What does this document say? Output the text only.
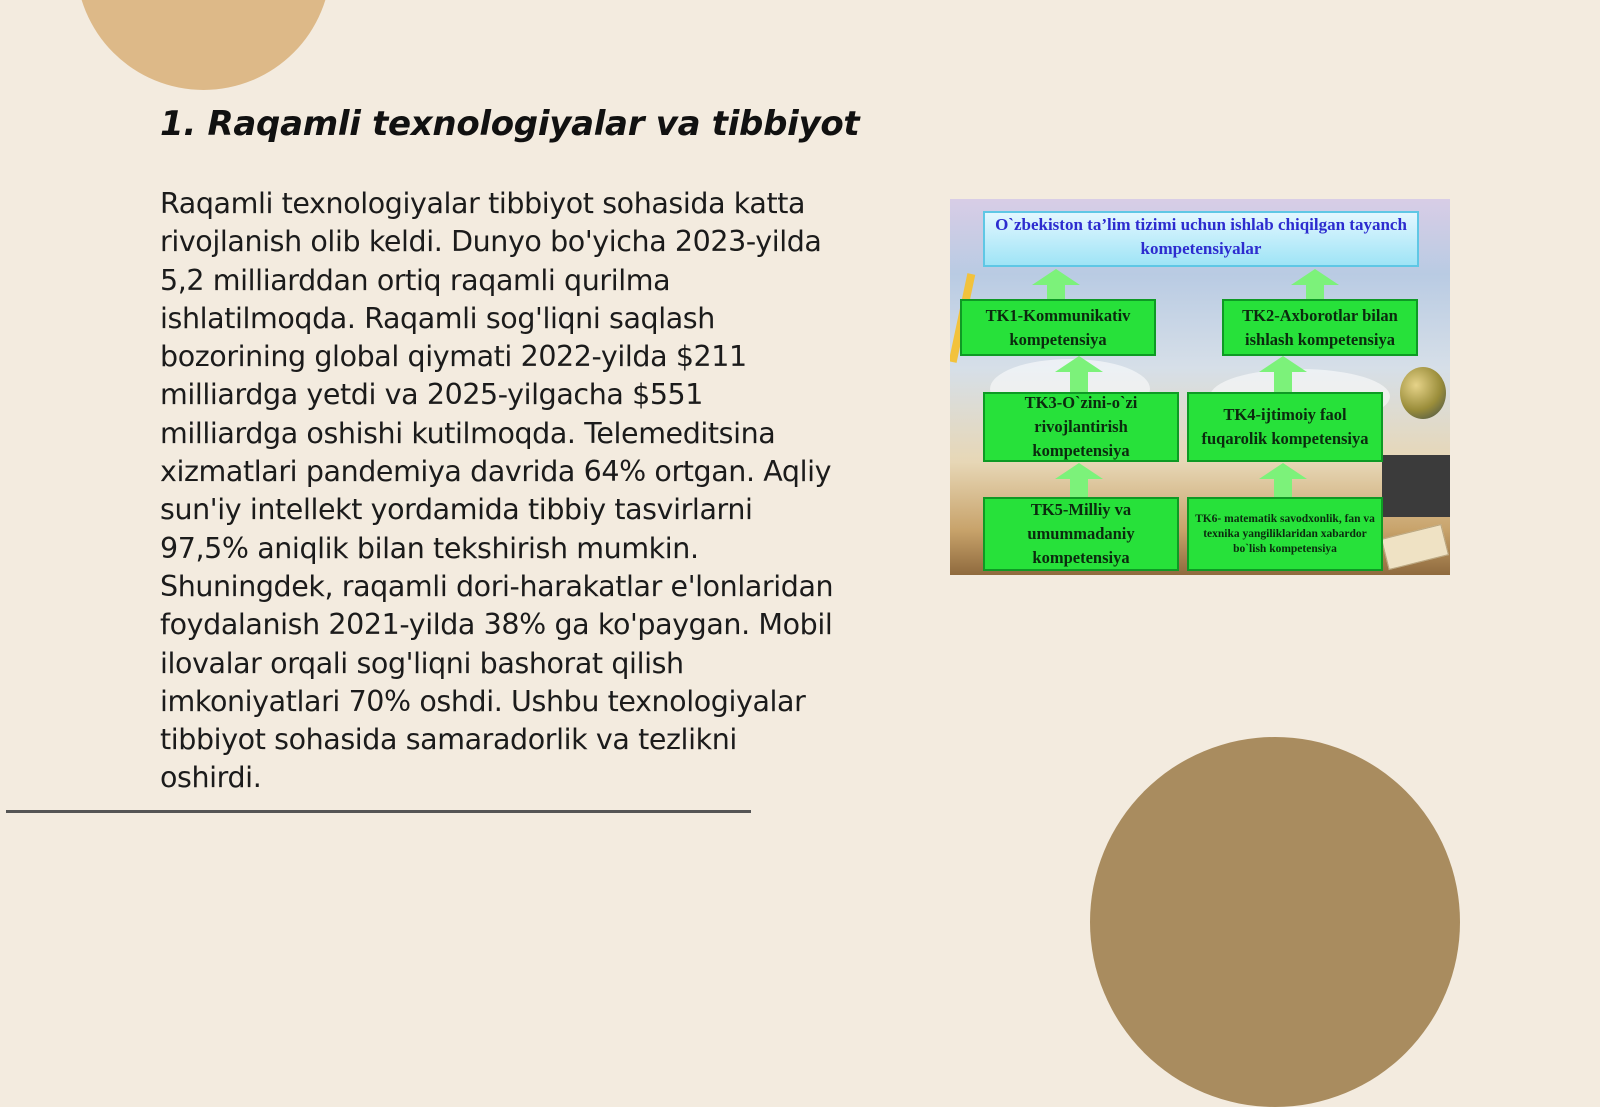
1. Raqamli texnologiyalar va tibbiyot

Raqamli texnologiyalar tibbiyot sohasida katta rivojlanish olib keldi. Dunyo bo'yicha 2023-yilda 5,2 milliarddan ortiq raqamli qurilma ishlatilmoqda. Raqamli sog'liqni saqlash bozorining global qiymati 2022-yilda $211 milliardga yetdi va 2025-yilgacha $551 milliardga oshishi kutilmoqda. Telemeditsina xizmatlari pandemiya davrida 64% ortgan. Aqliy sun'iy intellekt yordamida tibbiy tasvirlarni 97,5% aniqlik bilan tekshirish mumkin. Shuningdek, raqamli dori-harakatlar e'lonlaridan foydalanish 2021-yilda 38% ga ko'paygan. Mobil ilovalar orqali sog'liqni bashorat qilish imkoniyatlari 70% oshdi. Ushbu texnologiyalar tibbiyot sohasida samaradorlik va tezlikni oshirdi.

O`zbekiston ta’lim tizimi uchun ishlab chiqilgan tayanch kompetensiyalar
TK1-Kommunikativ kompetensiya
TK2-Axborotlar bilan ishlash kompetensiya
TK3-O`zini-o`zi rivojlantirish kompetensiya
TK4-ijtimoiy faol fuqarolik kompetensiya
TK5-Milliy va umummadaniy kompetensiya
TK6- matematik savodxonlik, fan va texnika yangiliklaridan xabardor bo`lish kompetensiya
